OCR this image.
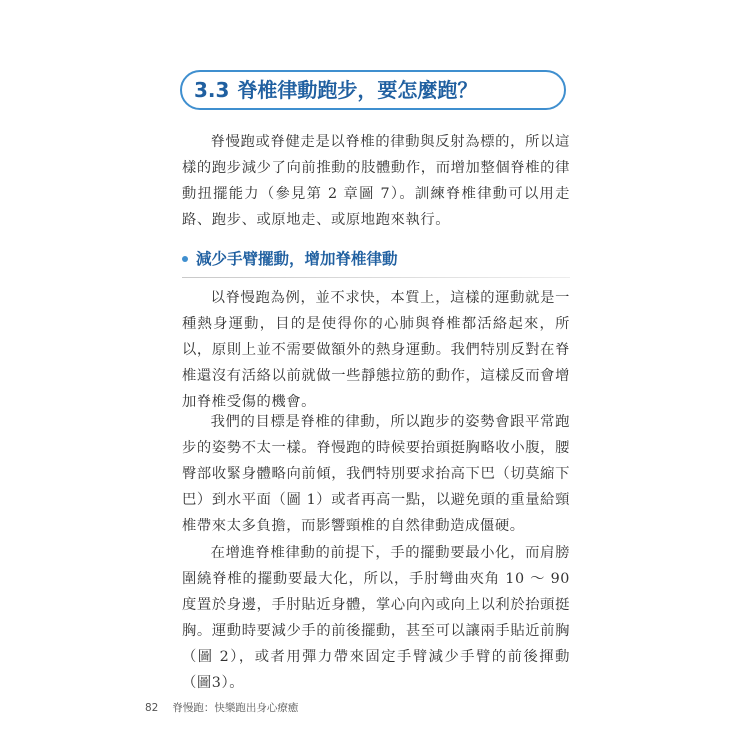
3.3 脊椎律動跑步，要怎麼跑？

脊慢跑或脊健走是以脊椎的律動與反射為標的，所以這樣的跑步減少了向前推動的肢體動作，而增加整個脊椎的律動扭擺能力（參見第 2 章圖 7）。訓練脊椎律動可以用走路、跑步、或原地走、或原地跑來執行。

減少手臂擺動，增加脊椎律動

以脊慢跑為例，並不求快，本質上，這樣的運動就是一種熱身運動，目的是使得你的心肺與脊椎都活絡起來，所以，原則上並不需要做額外的熱身運動。我們特別反對在脊椎還沒有活絡以前就做一些靜態拉筋的動作，這樣反而會增加脊椎受傷的機會。

我們的目標是脊椎的律動，所以跑步的姿勢會跟平常跑步的姿勢不太一樣。脊慢跑的時候要抬頭挺胸略收小腹，腰臀部收緊身體略向前傾，我們特別要求抬高下巴（切莫縮下巴）到水平面（圖 1）或者再高一點，以避免頭的重量給頸椎帶來太多負擔，而影響頸椎的自然律動造成僵硬。

在增進脊椎律動的前提下，手的擺動要最小化，而肩膀圍繞脊椎的擺動要最大化，所以，手肘彎曲夾角 10 ～ 90 度置於身邊，手肘貼近身體，掌心向內或向上以利於抬頭挺胸。運動時要減少手的前後擺動，甚至可以讓兩手貼近前胸（圖 2），或者用彈力帶來固定手臂減少手臂的前後揮動（圖3）。

82 脊慢跑：快樂跑出身心療癒
